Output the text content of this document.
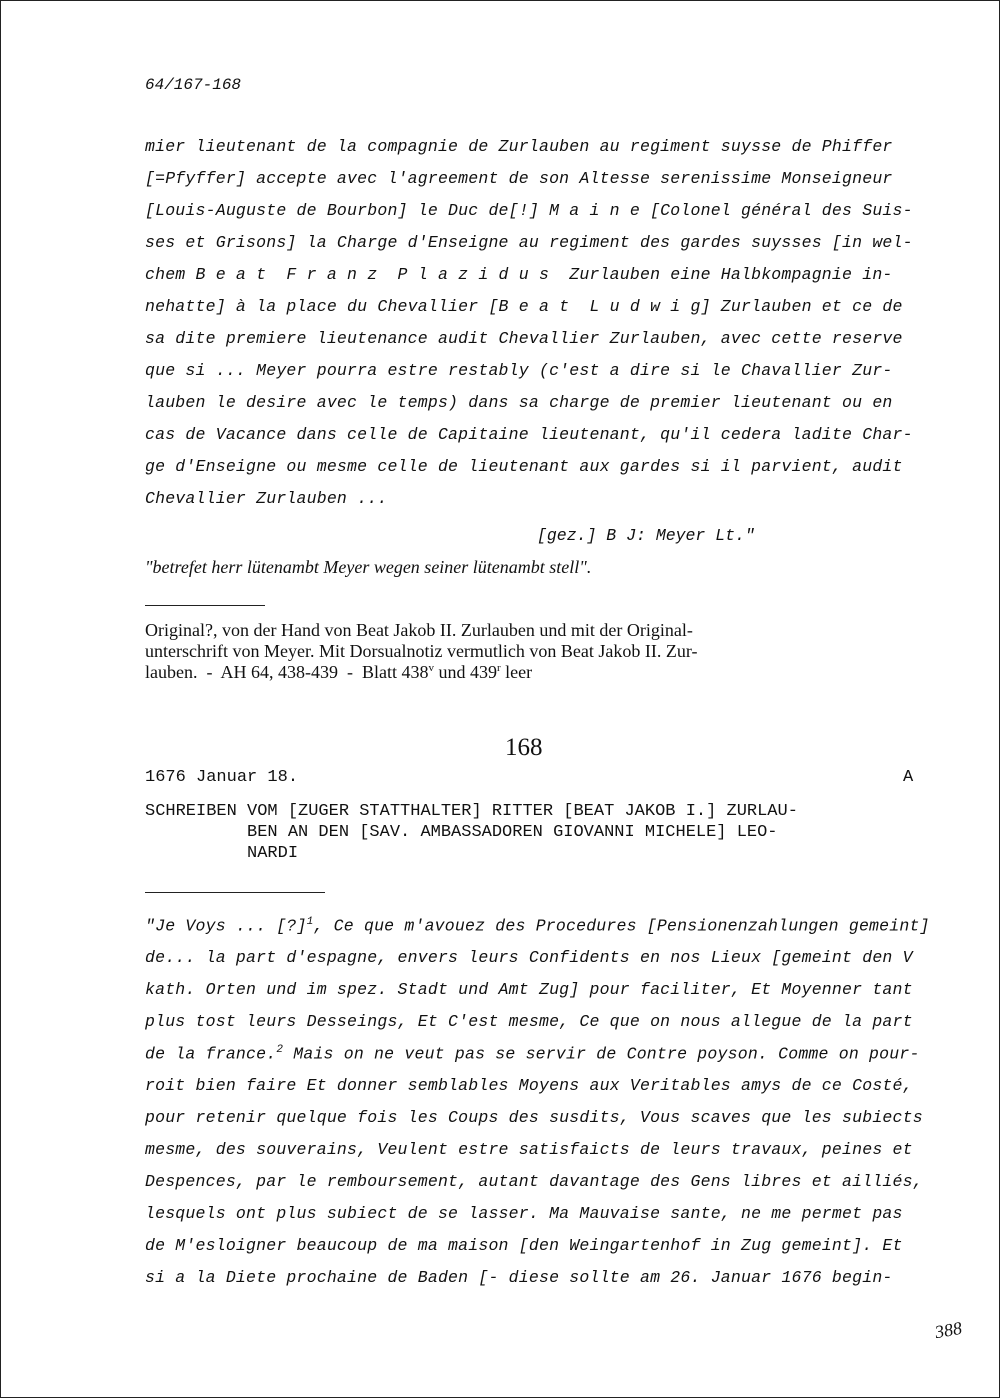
64/167-168
mier lieutenant de la compagnie de Zurlauben au regiment suysse de Phiffer
[=Pfyffer] accepte avec l'agreement de son Altesse serenissime Monseigneur
[Louis-Auguste de Bourbon] le Duc de[!] M a i n e [Colonel général des Suis-
ses et Grisons] la Charge d'Enseigne au regiment des gardes suysses [in wel-
chem B e a t  F r a n z  P l a z i d u s  Zurlauben eine Halbkompagnie in-
nehatte] à la place du Chevallier [B e a t  L u d w i g] Zurlauben et ce de
sa dite premiere lieutenance audit Chevallier Zurlauben, avec cette reserve
que si ... Meyer pourra estre restably (c'est a dire si le Chavallier Zur-
lauben le desire avec le temps) dans sa charge de premier lieutenant ou en
cas de Vacance dans celle de Capitaine lieutenant, qu'il cedera ladite Char-
ge d'Enseigne ou mesme celle de lieutenant aux gardes si il parvient, audit
Chevallier Zurlauben ...
[gez.] B J: Meyer Lt."
"betrefet herr lütenambt Meyer wegen seiner lütenambt stell".
Original?, von der Hand von Beat Jakob II. Zurlauben und mit der Original-
unterschrift von Meyer. Mit Dorsualnotiz vermutlich von Beat Jakob II. Zur-
lauben.  -  AH 64, 438-439  -  Blatt 438$^v$ und 439$^r$ leer
168
1676 Januar 18.	A
SCHREIBEN VOM [ZUGER STATTHALTER] RITTER [BEAT JAKOB I.] ZURLAU-
BEN AN DEN [SAV. AMBASSADOREN GIOVANNI MICHELE] LEO-
NARDI
"Je Voys ... [?]$^1$, Ce que m'avouez des Procedures [Pensionenzahlungen gemeint]
de... la part d'espagne, envers leurs Confidents en nos Lieux [gemeint den V
kath. Orten und im spez. Stadt und Amt Zug] pour faciliter, Et Moyenner tant
plus tost leurs Desseings, Et C'est mesme, Ce que on nous allegue de la part
de la france.$^2$ Mais on ne veut pas se servir de Contre poyson. Comme on pour-
roit bien faire Et donner semblables Moyens aux Veritables amys de ce Costé,
pour retenir quelque fois les Coups des susdits, Vous scaves que les subiects
mesme, des souverains, Veulent estre satisfaicts de leurs travaux, peines et
Despences, par le remboursement, autant davantage des Gens libres et ailliés,
lesquels ont plus subiect de se lasser. Ma Mauvaise sante, ne me permet pas
de M'esloigner beaucoup de ma maison [den Weingartenhof in Zug gemeint]. Et
si a la Diete prochaine de Baden [- diese sollte am 26. Januar 1676 begin-
388
